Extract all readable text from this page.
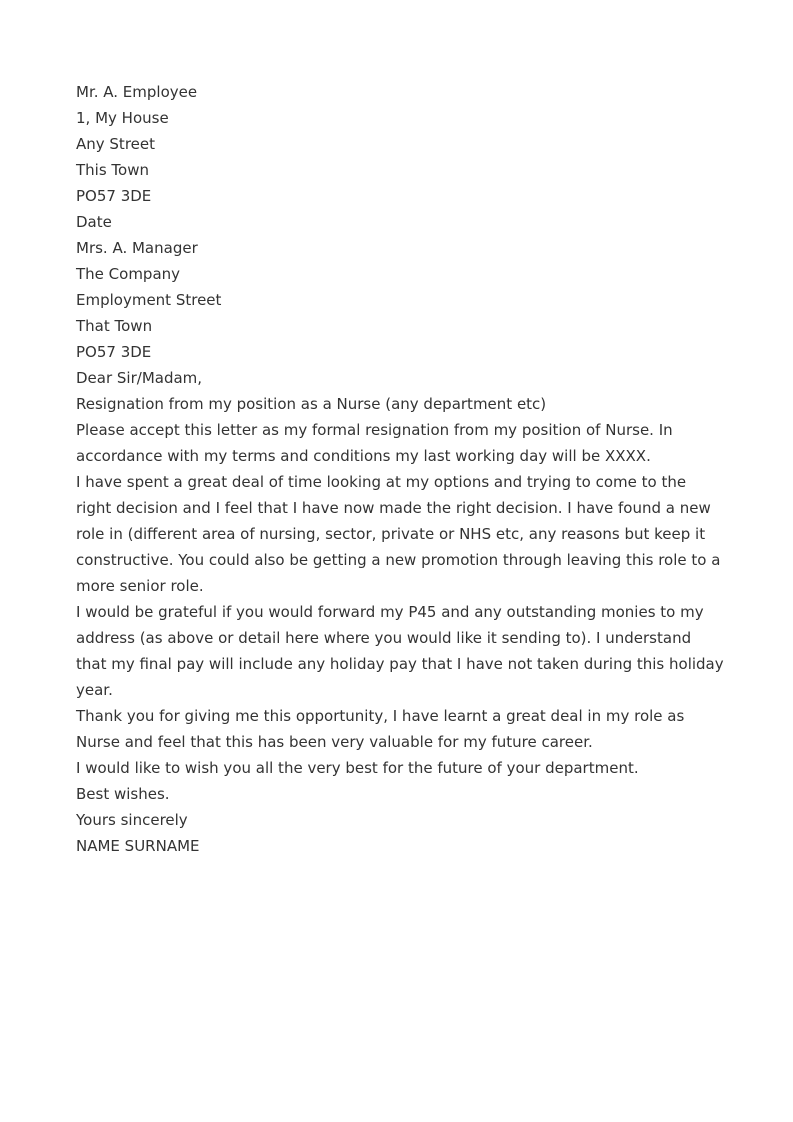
Mr. A. Employee
1, My House
Any Street
This Town
PO57 3DE
Date
Mrs. A. Manager
The Company
Employment Street
That Town
PO57 3DE
Dear Sir/Madam,
Resignation from my position as a Nurse (any department etc)

Please accept this letter as my formal resignation from my position of Nurse. In accordance with my terms and conditions my last working day will be XXXX.

I have spent a great deal of time looking at my options and trying to come to the right decision and I feel that I have now made the right decision. I have found a new role in (different area of nursing, sector, private or NHS etc, any reasons but keep it constructive. You could also be getting a new promotion through leaving this role to a more senior role.

I would be grateful if you would forward my P45 and any outstanding monies to my address (as above or detail here where you would like it sending to). I understand that my final pay will include any holiday pay that I have not taken during this holiday year.

Thank you for giving me this opportunity, I have learnt a great deal in my role as Nurse and feel that this has been very valuable for my future career.

I would like to wish you all the very best for the future of your department.

Best wishes.
Yours sincerely
NAME SURNAME
